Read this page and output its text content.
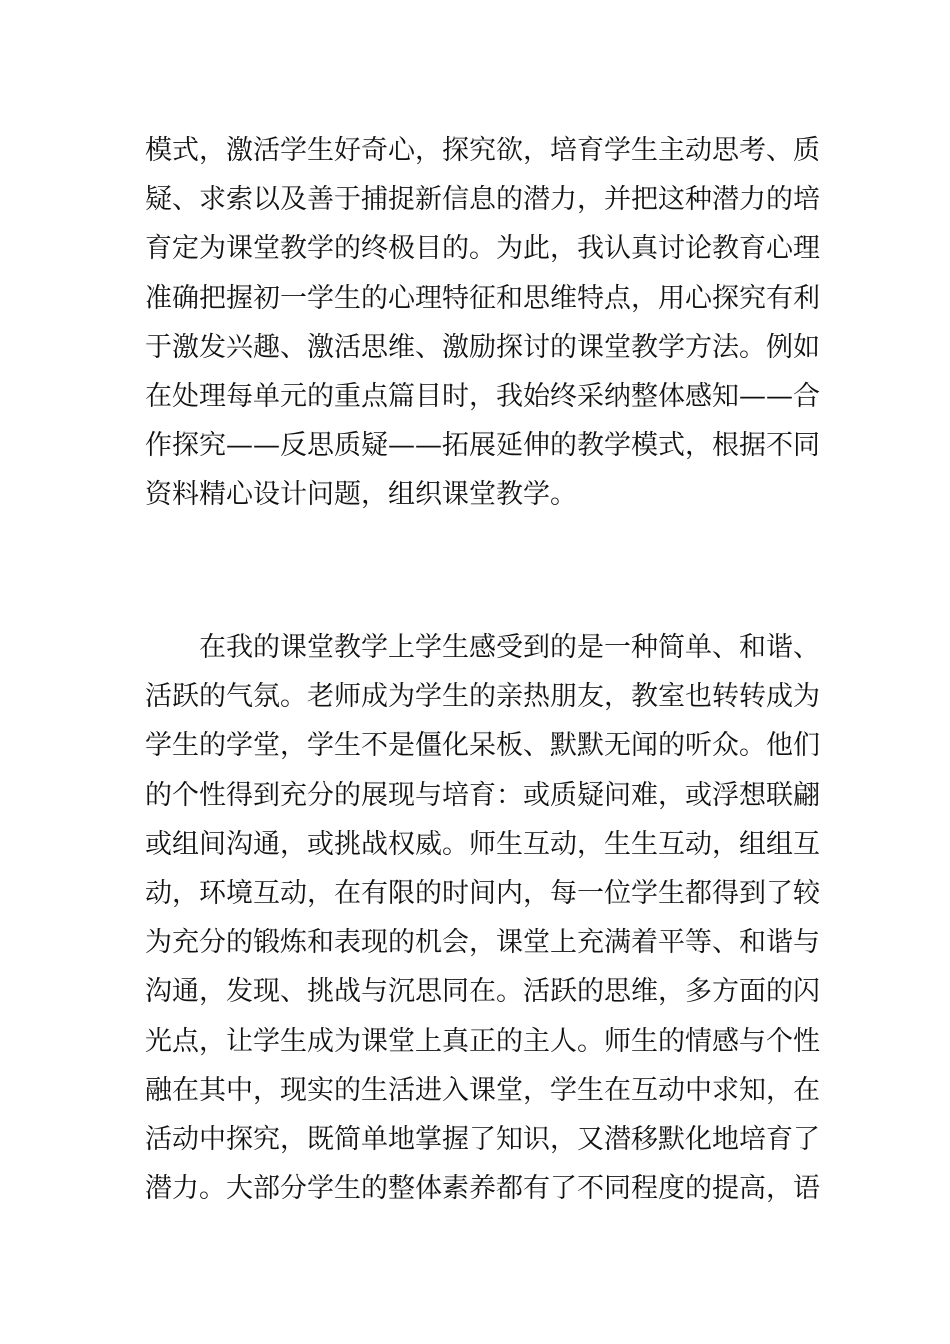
模式，激活学生好奇心，探究欲，培育学生主动思考、质
疑、求索以及善于捕捉新信息的潜力，并把这种潜力的培
育定为课堂教学的终极目的。为此，我认真讨论教育心理
准确把握初一学生的心理特征和思维特点，用心探究有利
于激发兴趣、激活思维、激励探讨的课堂教学方法。例如
在处理每单元的重点篇目时，我始终采纳整体感知——合
作探究——反思质疑——拓展延伸的教学模式，根据不同
资料精心设计问题，组织课堂教学。
在我的课堂教学上学生感受到的是一种简单、和谐、
活跃的气氛。老师成为学生的亲热朋友，教室也转转成为
学生的学堂，学生不是僵化呆板、默默无闻的听众。他们
的个性得到充分的展现与培育：或质疑问难，或浮想联翩
或组间沟通，或挑战权威。师生互动，生生互动，组组互
动，环境互动，在有限的时间内，每一位学生都得到了较
为充分的锻炼和表现的机会，课堂上充满着平等、和谐与
沟通，发现、挑战与沉思同在。活跃的思维，多方面的闪
光点，让学生成为课堂上真正的主人。师生的情感与个性
融在其中，现实的生活进入课堂，学生在互动中求知，在
活动中探究，既简单地掌握了知识，又潜移默化地培育了
潜力。大部分学生的整体素养都有了不同程度的提高，语
